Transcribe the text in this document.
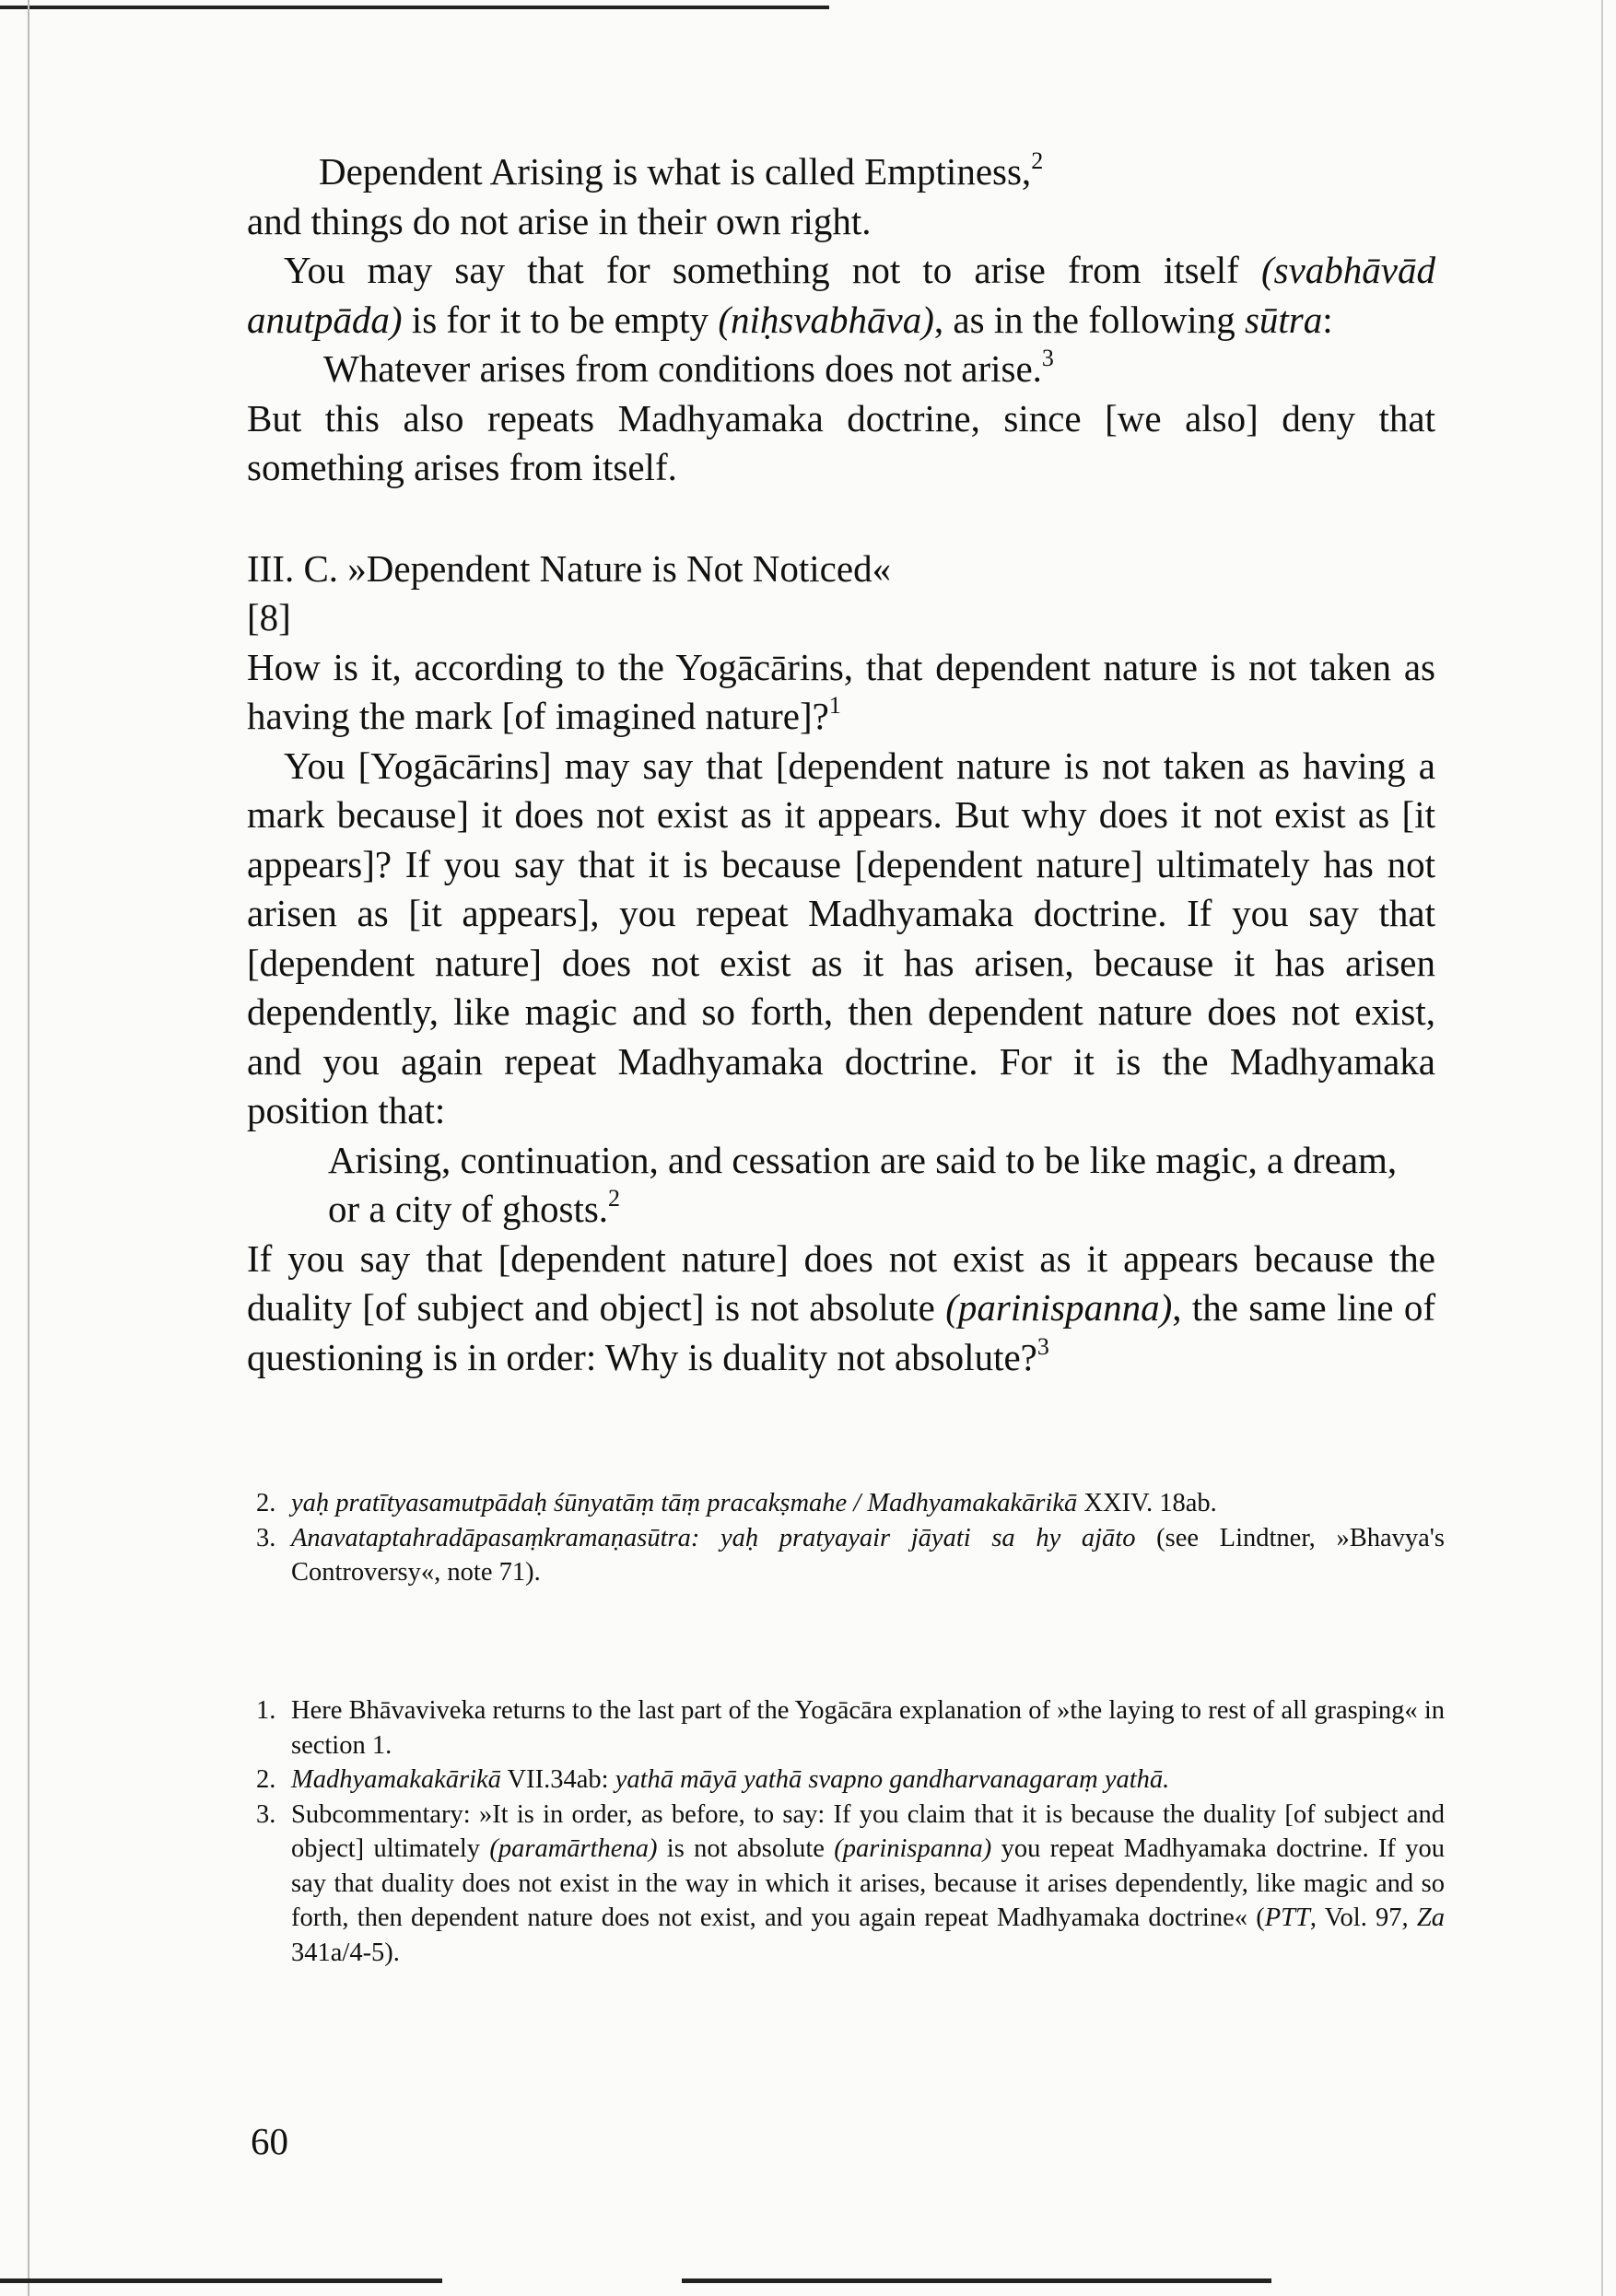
Dependent Arising is what is called Emptiness,$^2$

and things do not arise in their own right.

You may say that for something not to arise from itself (svabhāvād anutpāda) is for it to be empty (niḥsvabhāva), as in the following sūtra:

Whatever arises from conditions does not arise.$^3$

But this also repeats Madhyamaka doctrine, since [we also] deny that something arises from itself.

III. C. »Dependent Nature is Not Noticed«

[8]

How is it, according to the Yogācārins, that dependent nature is not taken as having the mark [of imagined nature]?$^1$

You [Yogācārins] may say that [dependent nature is not taken as having a mark because] it does not exist as it appears. But why does it not exist as [it appears]? If you say that it is because [dependent nature] ultimately has not arisen as [it appears], you repeat Madhyamaka doctrine. If you say that [dependent nature] does not exist as it has arisen, because it has arisen dependently, like magic and so forth, then dependent nature does not exist, and you again repeat Madhyamaka doctrine. For it is the Madhyamaka position that:

Arising, continuation, and cessation are said to be like magic, a dream, or a city of ghosts.$^2$

If you say that [dependent nature] does not exist as it appears because the duality [of subject and object] is not absolute (parinispanna), the same line of questioning is in order: Why is duality not absolute?$^3$

2. yaḥ pratītyasamutpādaḥ śūnyatāṃ tāṃ pracakṣmahe / Madhyamakakārikā XXIV. 18ab.
3. Anavataptahradāpasaṃkramaṇasūtra: yaḥ pratyayair jāyati sa hy ajāto (see Lindtner, »Bhavya's Controversy«, note 71).
1. Here Bhāvaviveka returns to the last part of the Yogācāra explanation of »the laying to rest of all grasping« in section 1.
2. Madhyamakakārikā VII.34ab: yathā māyā yathā svapno gandharvanagaraṃ yathā.
3. Subcommentary: »It is in order, as before, to say: If you claim that it is because the duality [of subject and object] ultimately (paramārthena) is not absolute (parinispanna) you repeat Madhyamaka doctrine. If you say that duality does not exist in the way in which it arises, because it arises dependently, like magic and so forth, then dependent nature does not exist, and you again repeat Madhyamaka doctrine« (PTT, Vol. 97, Za 341a/4-5).
60
